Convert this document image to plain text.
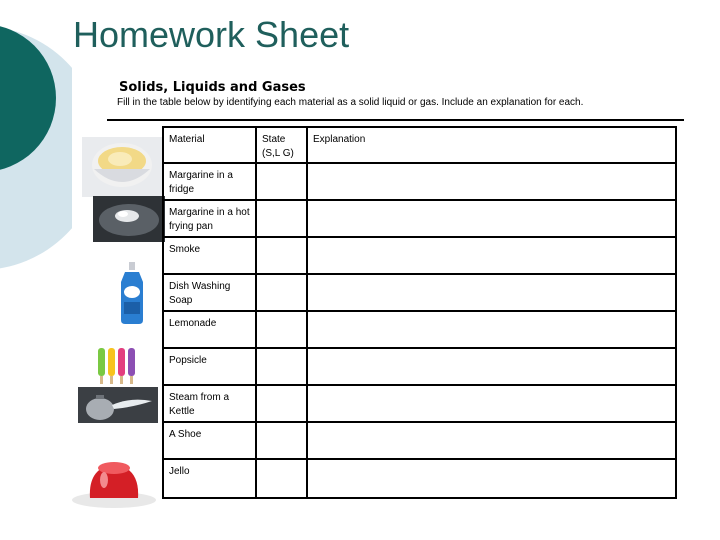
Homework Sheet
Solids, Liquids and Gases
Fill in the table below by identifying each material as a solid liquid or gas. Include an explanation for each.
Material	State (S,L G)	Explanation
Margarine in a fridge		
Margarine in a hot frying pan		
Smoke		
Dish Washing Soap		
Lemonade		
Popsicle		
Steam from a Kettle		
A Shoe		
Jello		
